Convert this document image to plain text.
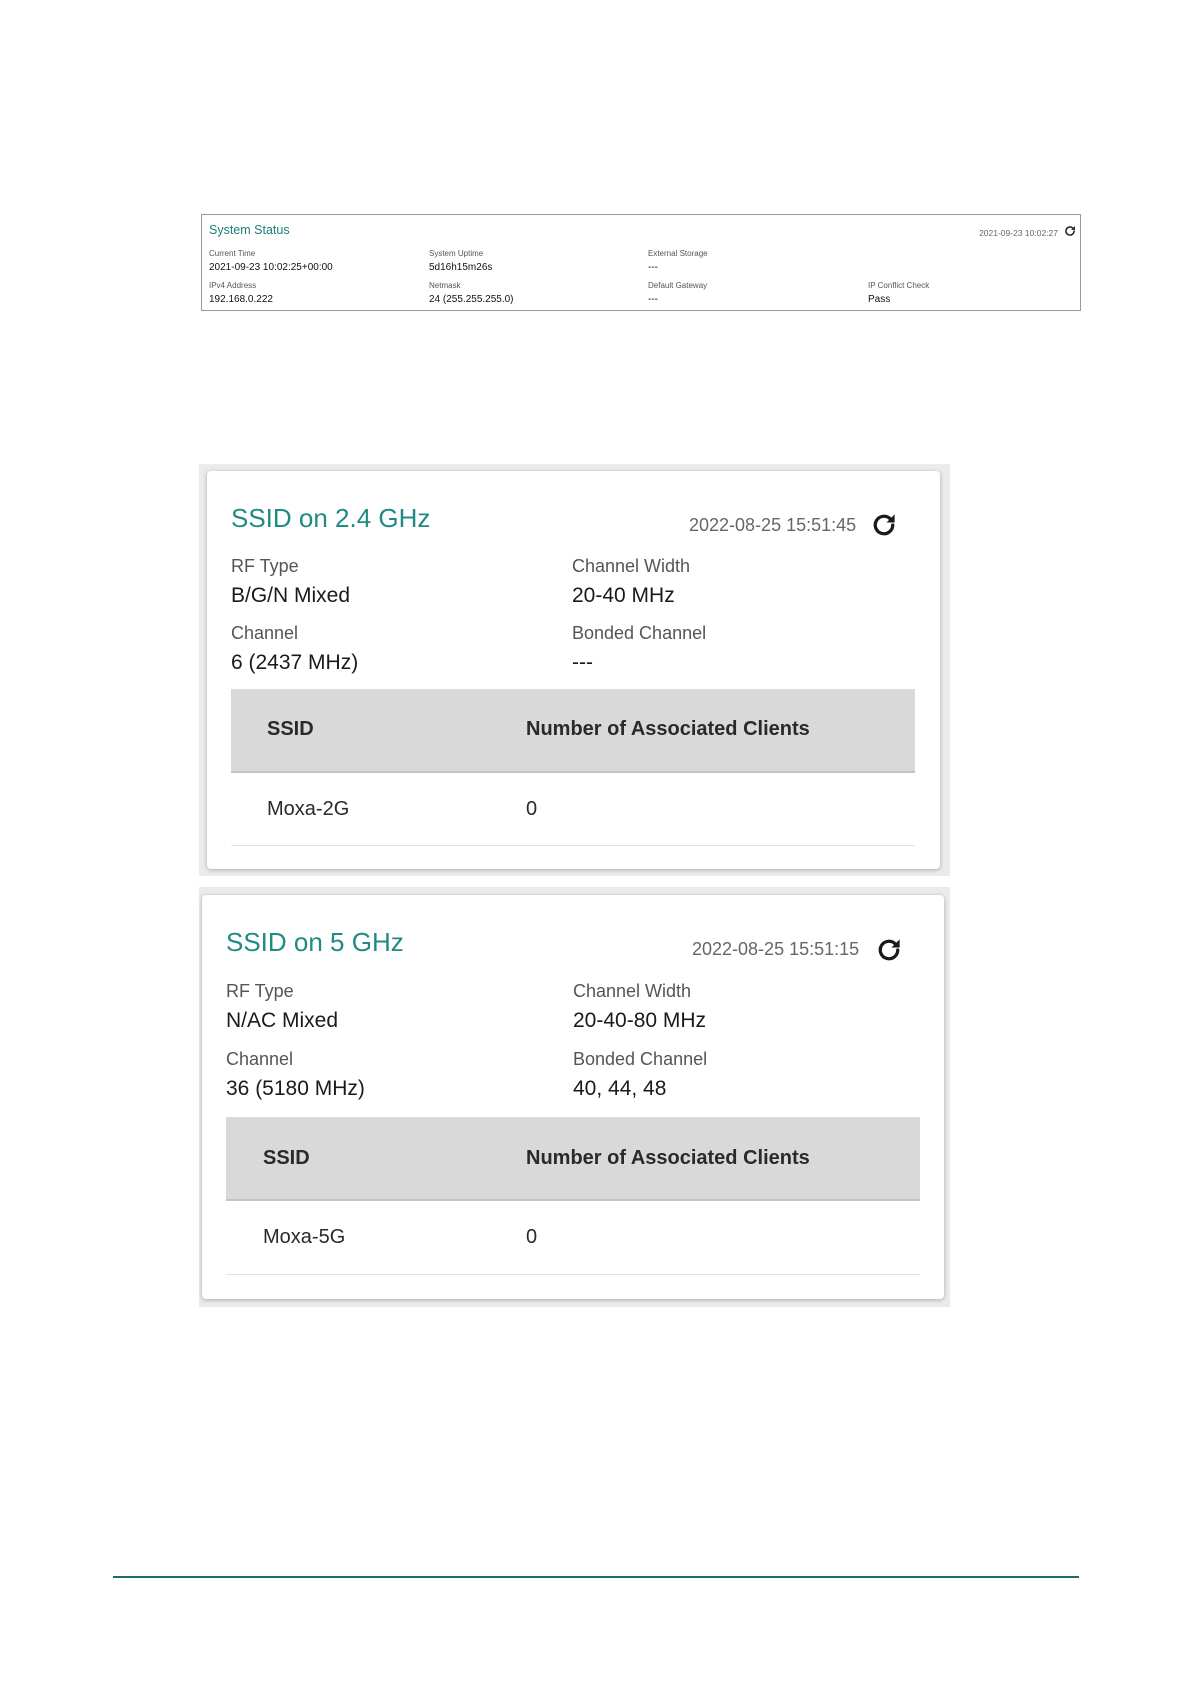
System Status	2021-09-23 10:02:27
Current Time
2021-09-23 10:02:25+00:00
System Uptime
5d16h15m26s
External Storage
---
IPv4 Address
192.168.0.222
Netmask
24 (255.255.255.0)
Default Gateway
---
IP Conflict Check
Pass
SSID on 2.4 GHz	2022-08-25 15:51:45
RF Type
B/G/N Mixed
Channel Width
20-40 MHz
Channel
6 (2437 MHz)
Bonded Channel
---
SSID	Number of Associated Clients
Moxa-2G	0
SSID on 5 GHz	2022-08-25 15:51:15
RF Type
N/AC Mixed
Channel Width
20-40-80 MHz
Channel
36 (5180 MHz)
Bonded Channel
40, 44, 48
SSID	Number of Associated Clients
Moxa-5G	0
